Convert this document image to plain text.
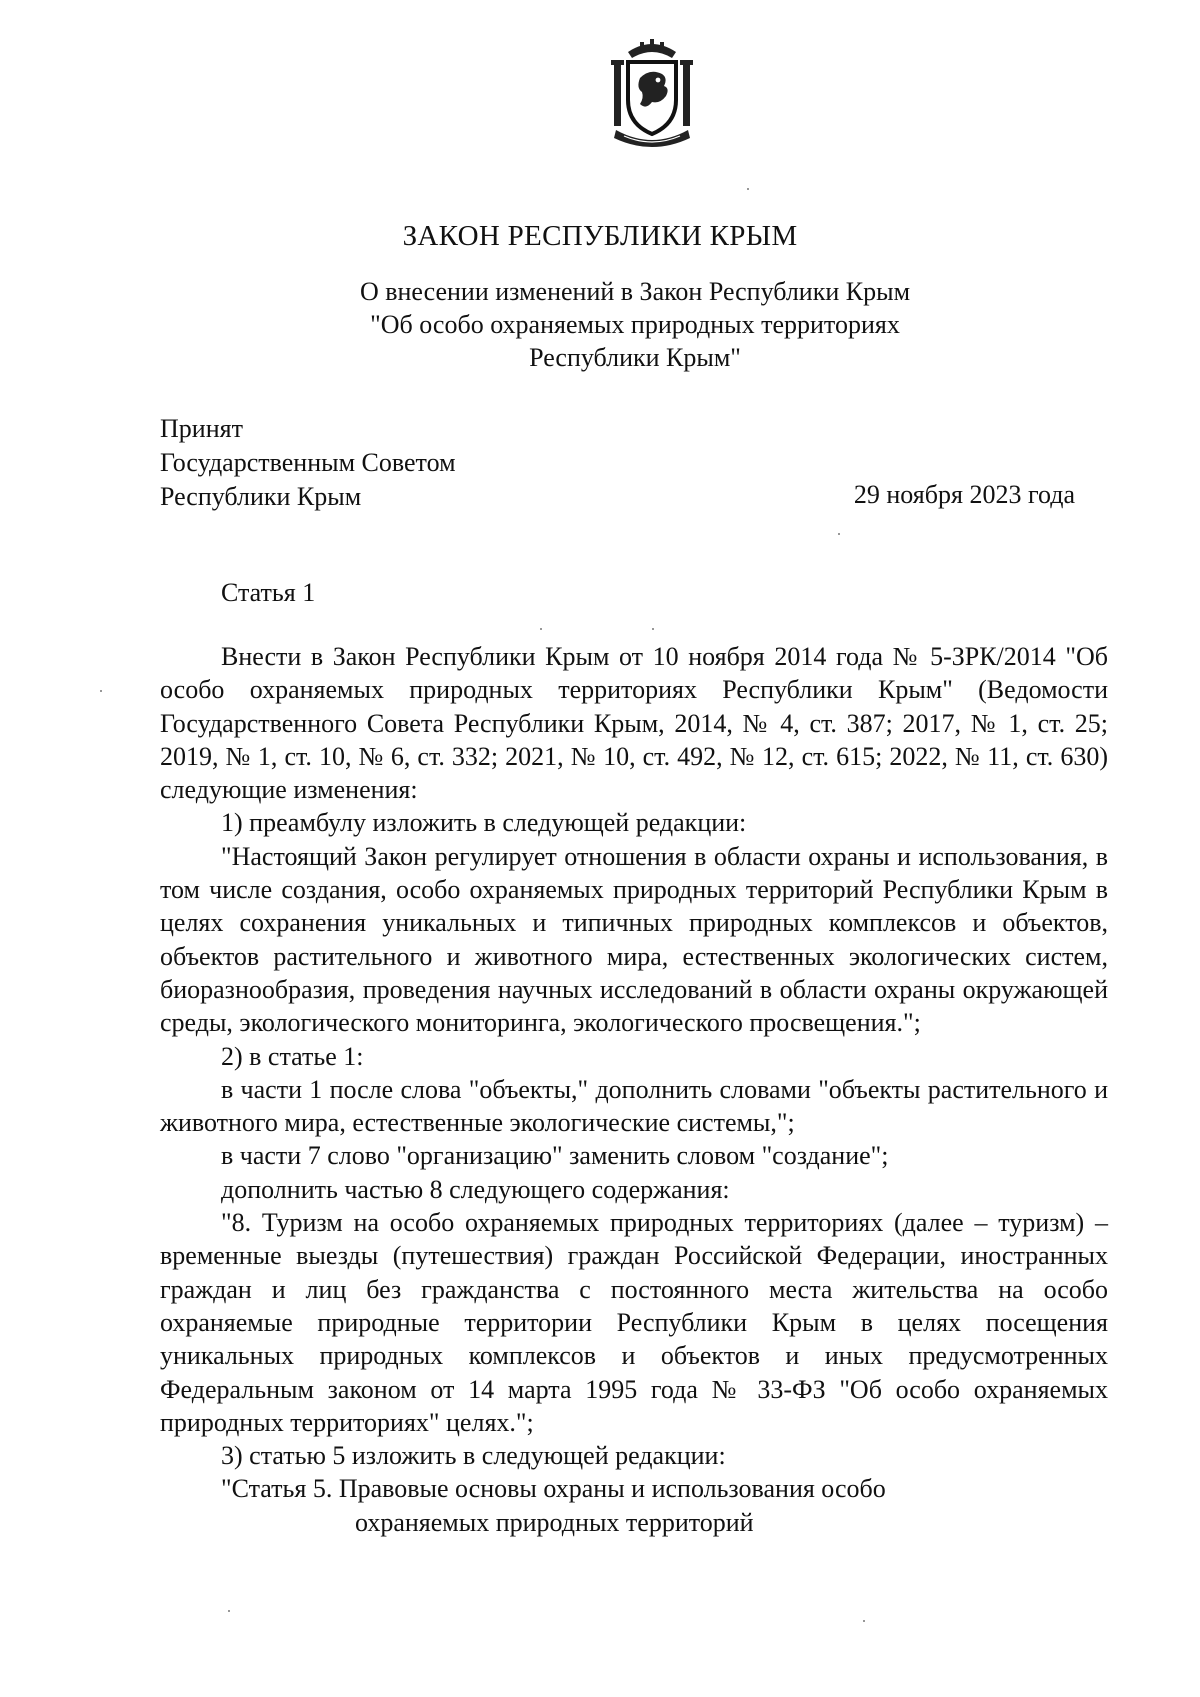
ЗАКОН РЕСПУБЛИКИ КРЫМ
О внесении изменений в Закон Республики Крым
"Об особо охраняемых природных территориях
Республики Крым"
Принят
Государственным Советом
Республики Крым	29 ноября 2023 года
Статья 1

Внести в Закон Республики Крым от 10 ноября 2014 года № 5-ЗРК/2014 "Об особо охраняемых природных территориях Республики Крым" (Ведомости Государственного Совета Республики Крым, 2014, № 4, ст. 387; 2017, № 1, ст. 25; 2019, № 1, ст. 10, № 6, ст. 332; 2021, № 10, ст. 492, № 12, ст. 615; 2022, № 11, ст. 630) следующие изменения:

1) преамбулу изложить в следующей редакции:

"Настоящий Закон регулирует отношения в области охраны и использования, в том числе создания, особо охраняемых природных территорий Республики Крым в целях сохранения уникальных и типичных природных комплексов и объектов, объектов растительного и животного мира, естественных экологических систем, биоразнообразия, проведения научных исследований в области охраны окружающей среды, экологического мониторинга, экологического просвещения.";

2) в статье 1:

в части 1 после слова "объекты," дополнить словами "объекты растительного и животного мира, естественные экологические системы,";

в части 7 слово "организацию" заменить словом "создание";

дополнить частью 8 следующего содержания:

"8. Туризм на особо охраняемых природных территориях (далее – туризм) – временные выезды (путешествия) граждан Российской Федерации, иностранных граждан и лиц без гражданства с постоянного места жительства на особо охраняемые природные территории Республики Крым в целях посещения уникальных природных комплексов и объектов и иных предусмотренных Федеральным законом от 14 марта 1995 года № 33-ФЗ "Об особо охраняемых природных территориях" целях.";

3) статью 5 изложить в следующей редакции:

"Статья 5. Правовые основы охраны и использования особо

охраняемых природных территорий
